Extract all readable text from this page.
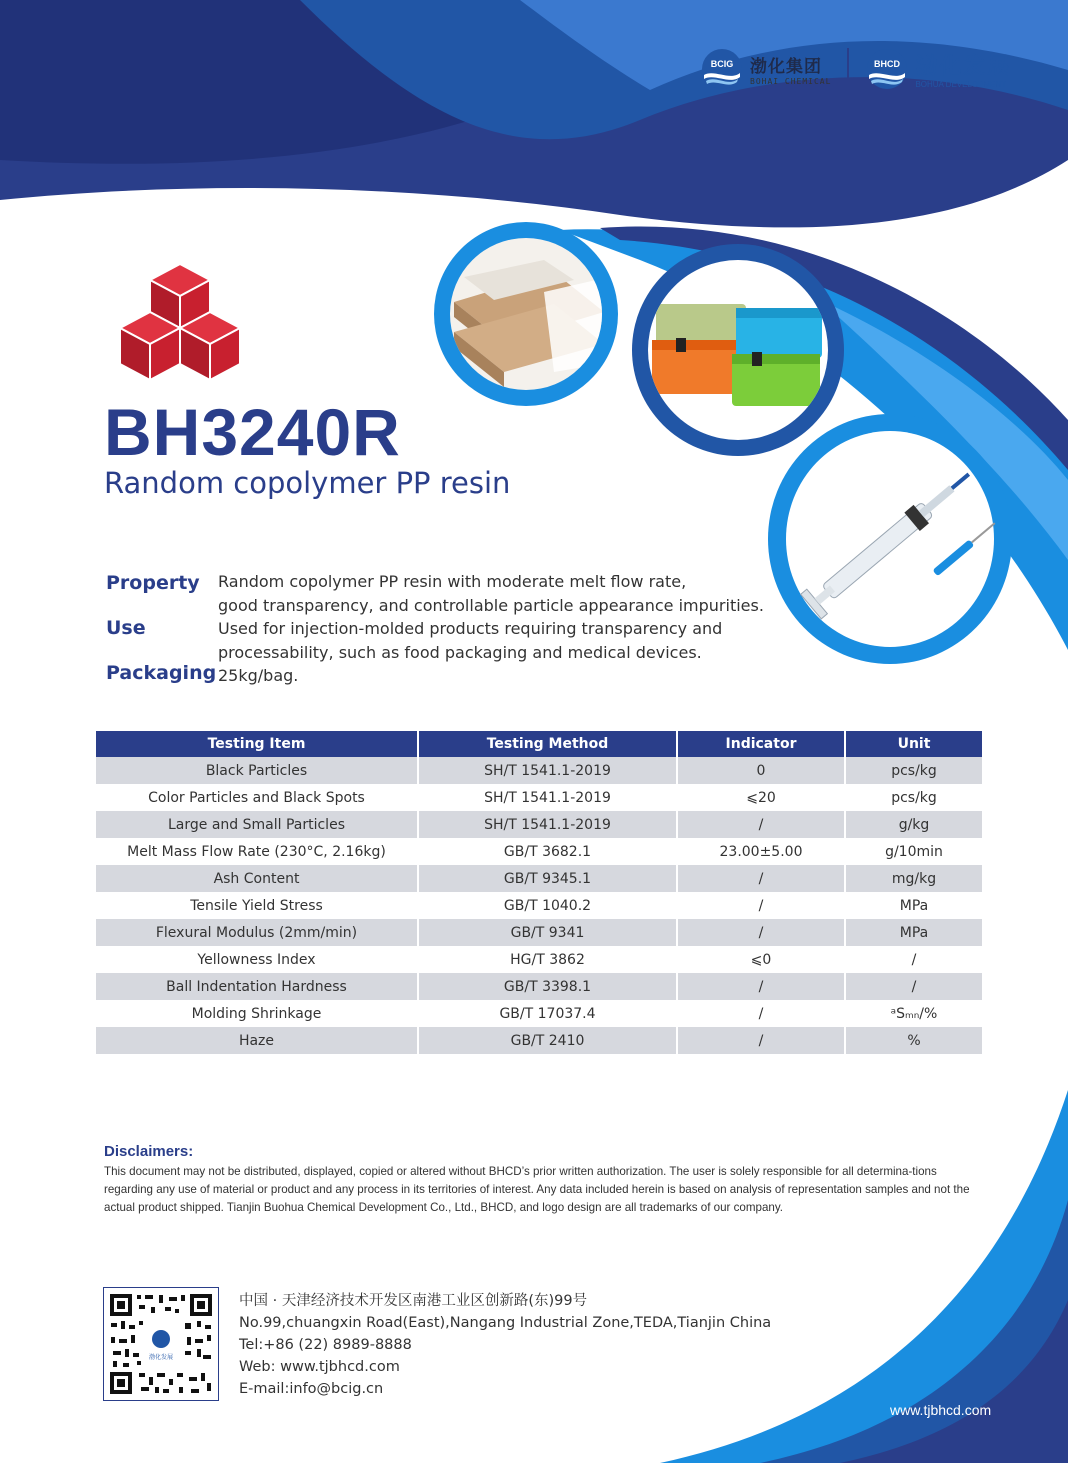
BCIG 渤化集团
BOHAI CHEMICAL
BHCD 渤化发展
BOHUA DEVELOPMENT
BH3240R
Random copolymer PP resin
Property Random copolymer PP resin with moderate melt flow rate,
good transparency, and controllable particle appearance impurities.
Use	Used for injection-molded products requiring transparency and
processability, such as food packaging and medical devices.
Packaging 25kg/bag.
Testing Item	Testing Method	Indicator	Unit
Black Particles	SH/T 1541.1-2019	0	pcs/kg
Color Particles and Black Spots	SH/T 1541.1-2019	⩽20	pcs/kg
Large and Small Particles	SH/T 1541.1-2019	/	g/kg
Melt Mass Flow Rate (230°C, 2.16kg)	GB/T 3682.1	23.00±5.00	g/10min
Ash Content	GB/T 9345.1	/	mg/kg
Tensile Yield Stress	GB/T 1040.2	/	MPa
Flexural Modulus (2mm/min)	GB/T 9341	/	MPa
Yellowness Index	HG/T 3862	⩽0	/
Ball Indentation Hardness	GB/T 3398.1	/	/
Molding Shrinkage	GB/T 17037.4	/	ᵃSₘₙ/%
Haze	GB/T 2410	/	%
Disclaimers:
This document may not be distributed, displayed, copied or altered without BHCD’s prior written authorization. The user is solely responsible for all determina-tions regarding any use of material or product and any process in its territories of interest. Any data included herein is based on analysis of representation samples and not the actual product shipped. Tianjin Buohua Chemical Development Co., Ltd., BHCD, and logo design are all trademarks of our company.
渤化发展
中国 · 天津经济技术开发区南港工业区创新路(东)99号
No.99,chuangxin Road(East),Nangang Industrial Zone,TEDA,Tianjin China
Tel:+86 (22) 8989-8888
Web: www.tjbhcd.com
E-mail:info@bcig.cn
www.tjbhcd.com
